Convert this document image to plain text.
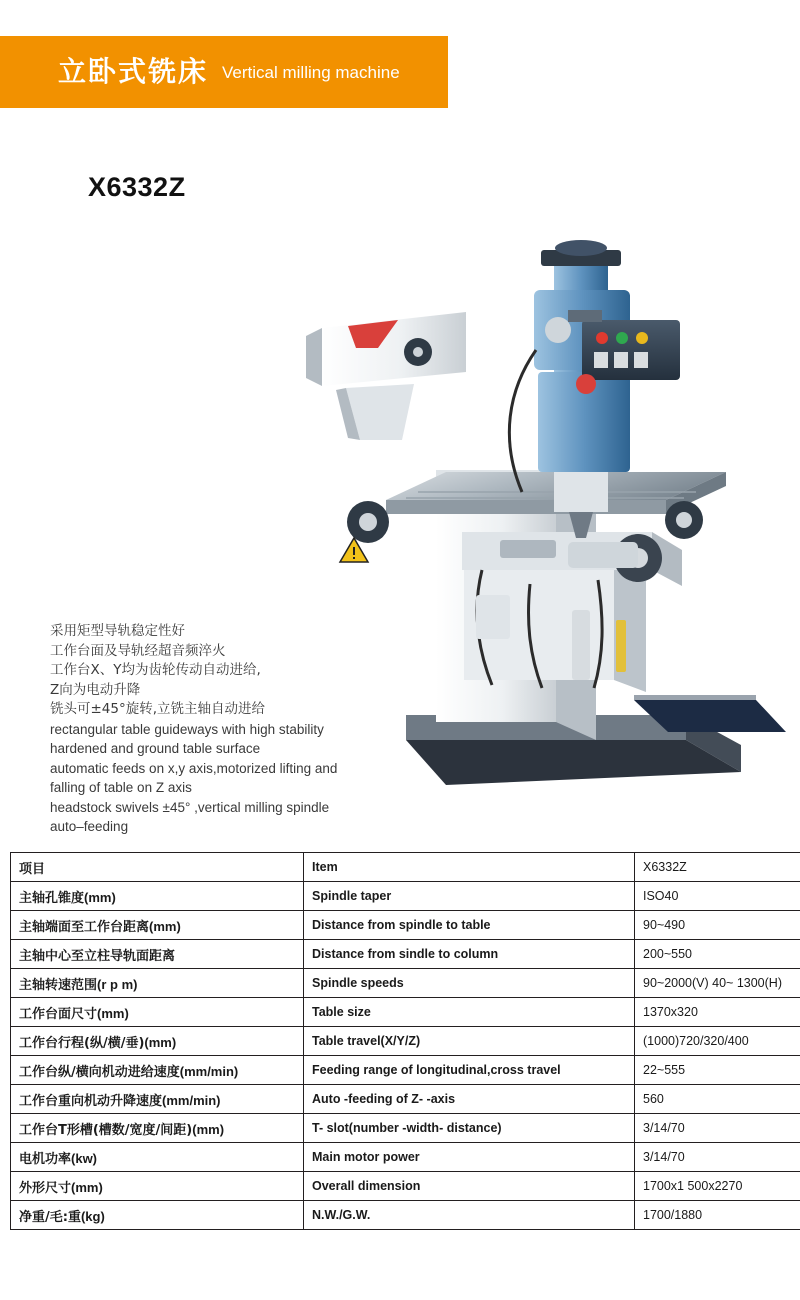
立卧式铣床 Vertical milling machine
X6332Z
采用矩型导轨稳定性好
工作台面及导轨经超音频淬火
工作台X、Y均为齿轮传动自动进给,
Z向为电动升降
铣头可±45°旋转,立铣主轴自动进给
rectangular table guideways with high stability
hardened and ground table surface
automatic feeds on x,y axis,motorized lifting and
falling of table on Z axis
headstock swivels ±45° ,vertical milling spindle
auto–feeding
项目	Item	X6332Z
主轴孔锥度(mm)	Spindle taper	ISO40
主轴端面至工作台距离(mm)	Distance from spindle to table	90~490
主轴中心至立柱导轨面距离	Distance from sindle to column	200~550
主轴转速范围(r p m)	Spindle speeds	90~2000(V) 40~ 1300(H)
工作台面尺寸(mm)	Table size	1370x320
工作台行程(纵/横/垂)(mm)	Table travel(X/Y/Z)	(1000)720/320/400
工作台纵/横向机动进给速度(mm/min)	Feeding range of longitudinal,cross travel	22~555
工作台重向机动升降速度(mm/min)	Auto -feeding of Z- -axis	560
工作台T形槽(槽数/宽度/间距)(mm)	T- slot(number -width- distance)	3/14/70
电机功率(kw)	Main motor power	3/14/70
外形尺寸(mm)	Overall dimension	1700x1 500x2270
净重/毛:重(kg)	N.W./G.W.	1700/1880
